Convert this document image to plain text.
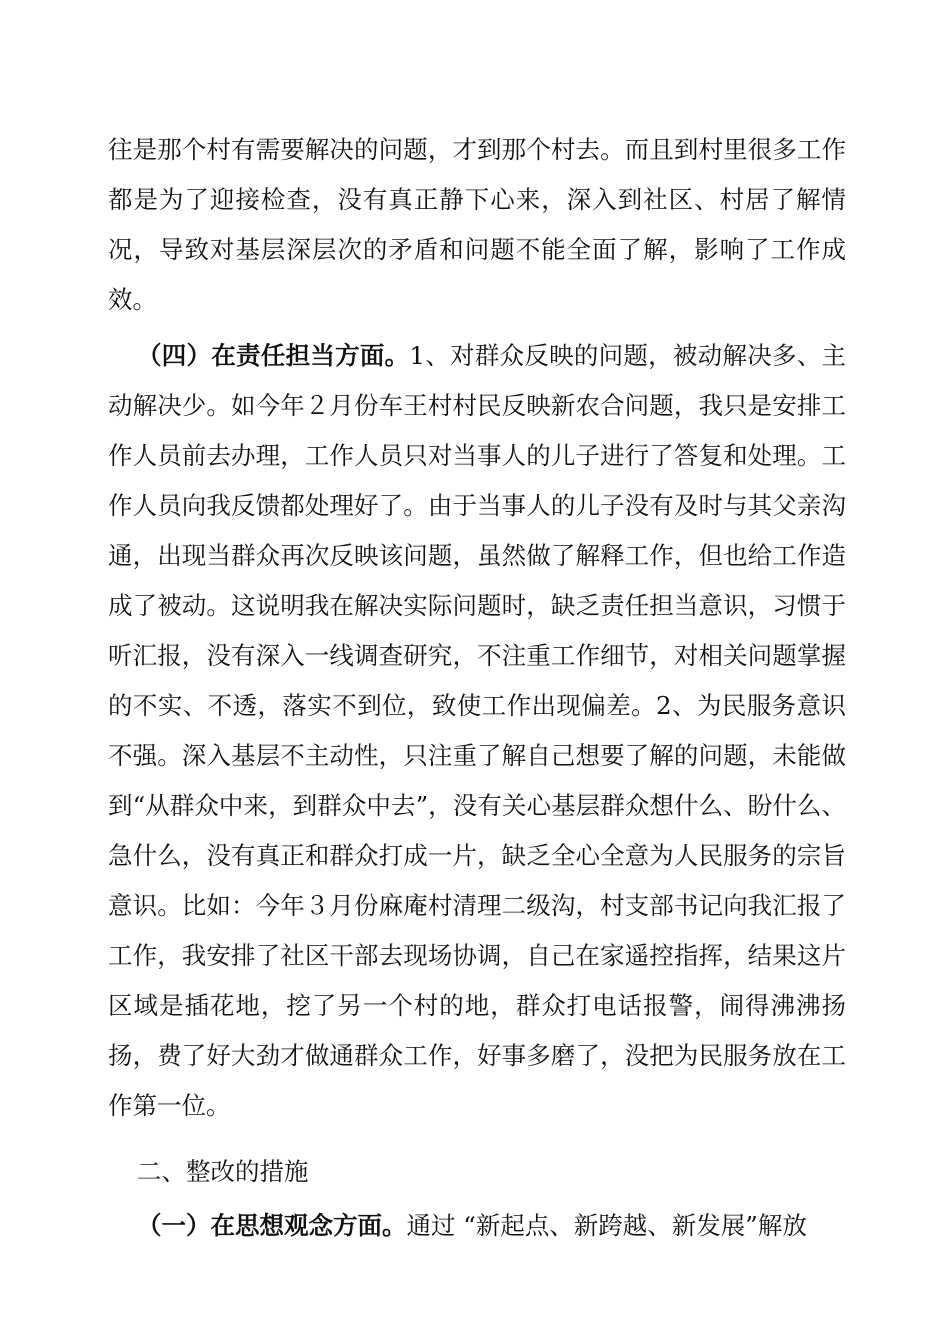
往是那个村有需要解决的问题，才到那个村去。而且到村里很多工作都是为了迎接检查，没有真正静下心来，深入到社区、村居了解情况，导致对基层深层次的矛盾和问题不能全面了解，影响了工作成效。

（四）在责任担当方面。1、对群众反映的问题，被动解决多、主动解决少。如今年２月份车王村村民反映新农合问题，我只是安排工作人员前去办理，工作人员只对当事人的儿子进行了答复和处理。工作人员向我反馈都处理好了。由于当事人的儿子没有及时与其父亲沟通，出现当群众再次反映该问题，虽然做了解释工作，但也给工作造成了被动。这说明我在解决实际问题时，缺乏责任担当意识，习惯于听汇报，没有深入一线调查研究，不注重工作细节，对相关问题掌握的不实、不透，落实不到位，致使工作出现偏差。2、为民服务意识不强。深入基层不主动性，只注重了解自己想要了解的问题，未能做到“从群众中来，到群众中去”，没有关心基层群众想什么、盼什么、急什么，没有真正和群众打成一片，缺乏全心全意为人民服务的宗旨意识。比如：今年３月份麻庵村清理二级沟，村支部书记向我汇报了工作，我安排了社区干部去现场协调，自己在家遥控指挥，结果这片区域是插花地，挖了另一个村的地，群众打电话报警，闹得沸沸扬扬，费了好大劲才做通群众工作，好事多磨了，没把为民服务放在工作第一位。

二、整改的措施

（一）在思想观念方面。通过 “新起点、新跨越、新发展”解放
